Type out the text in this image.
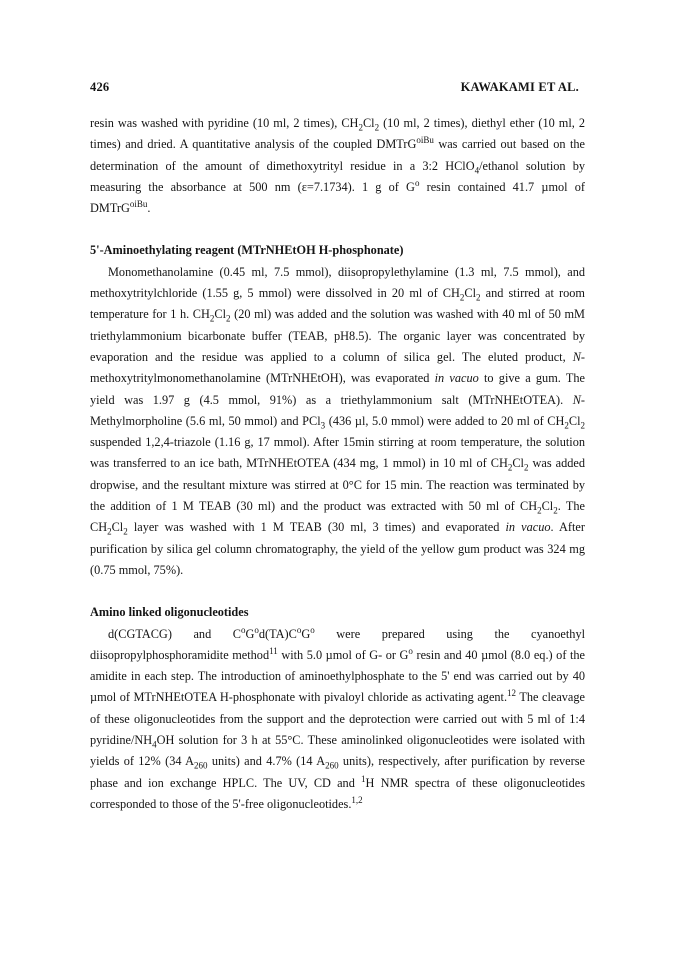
426	KAWAKAMI ET AL.

resin was washed with pyridine (10 ml, 2 times), $CH_2Cl_2$ (10 ml, 2 times), diethyl ether (10 ml, 2 times) and dried. A quantitative analysis of the coupled DMTrG$^{oiBu}$ was carried out based on the determination of the amount of dimethoxytrityl residue in a 3:2 HClO$_4$/ethanol solution by measuring the absorbance at 500 nm (ε=7.1734). 1 g of $G^o$ resin contained 41.7 µmol of DMTrG$^{oiBu}$.

5'-Aminoethylating reagent (MTrNHEtOH H-phosphonate)

Monomethanolamine (0.45 ml, 7.5 mmol), diisopropylethylamine (1.3 ml, 7.5 mmol), and methoxytritylchloride (1.55 g, 5 mmol) were dissolved in 20 ml of $CH_2Cl_2$ and stirred at room temperature for 1 h. $CH_2Cl_2$ (20 ml) was added and the solution was washed with 40 ml of 50 mM triethylammonium bicarbonate buffer (TEAB, pH8.5). The organic layer was concentrated by evaporation and the residue was applied to a column of silica gel. The eluted product, N-methoxytritylmonomethanolamine (MTrNHEtOH), was evaporated in vacuo to give a gum. The yield was 1.97 g (4.5 mmol, 91%) as a triethylammonium salt (MTrNHEtOTEA). N-Methylmorpholine (5.6 ml, 50 mmol) and PCl$_3$ (436 µl, 5.0 mmol) were added to 20 ml of $CH_2Cl_2$ suspended 1,2,4-triazole (1.16 g, 17 mmol). After 15min stirring at room temperature, the solution was transferred to an ice bath, MTrNHEtOTEA (434 mg, 1 mmol) in 10 ml of $CH_2Cl_2$ was added dropwise, and the resultant mixture was stirred at 0°C for 15 min. The reaction was terminated by the addition of 1 M TEAB (30 ml) and the product was extracted with 50 ml of $CH_2Cl_2$. The $CH_2Cl_2$ layer was washed with 1 M TEAB (30 ml, 3 times) and evaporated in vacuo. After purification by silica gel column chromatography, the yield of the yellow gum product was 324 mg (0.75 mmol, 75%).

Amino linked oligonucleotides

d(CGTACG) and $C^oG^od(TA)C^oG^o$ were prepared using the cyanoethyl diisopropylphosphoramidite method$^{11}$ with 5.0 µmol of G- or $G^o$ resin and 40 µmol (8.0 eq.) of the amidite in each step. The introduction of aminoethylphosphate to the 5' end was carried out by 40 µmol of MTrNHEtOTEA H-phosphonate with pivaloyl chloride as activating agent.$^{12}$ The cleavage of these oligonucleotides from the support and the deprotection were carried out with 5 ml of 1:4 pyridine/$NH_4OH$ solution for 3 h at 55°C. These aminolinked oligonucleotides were isolated with yields of 12% (34 $A_{260}$ units) and 4.7% (14 $A_{260}$ units), respectively, after purification by reverse phase and ion exchange HPLC. The UV, CD and $^1$H NMR spectra of these oligonucleotides corresponded to those of the 5'-free oligonucleotides.$^{1,2}$
